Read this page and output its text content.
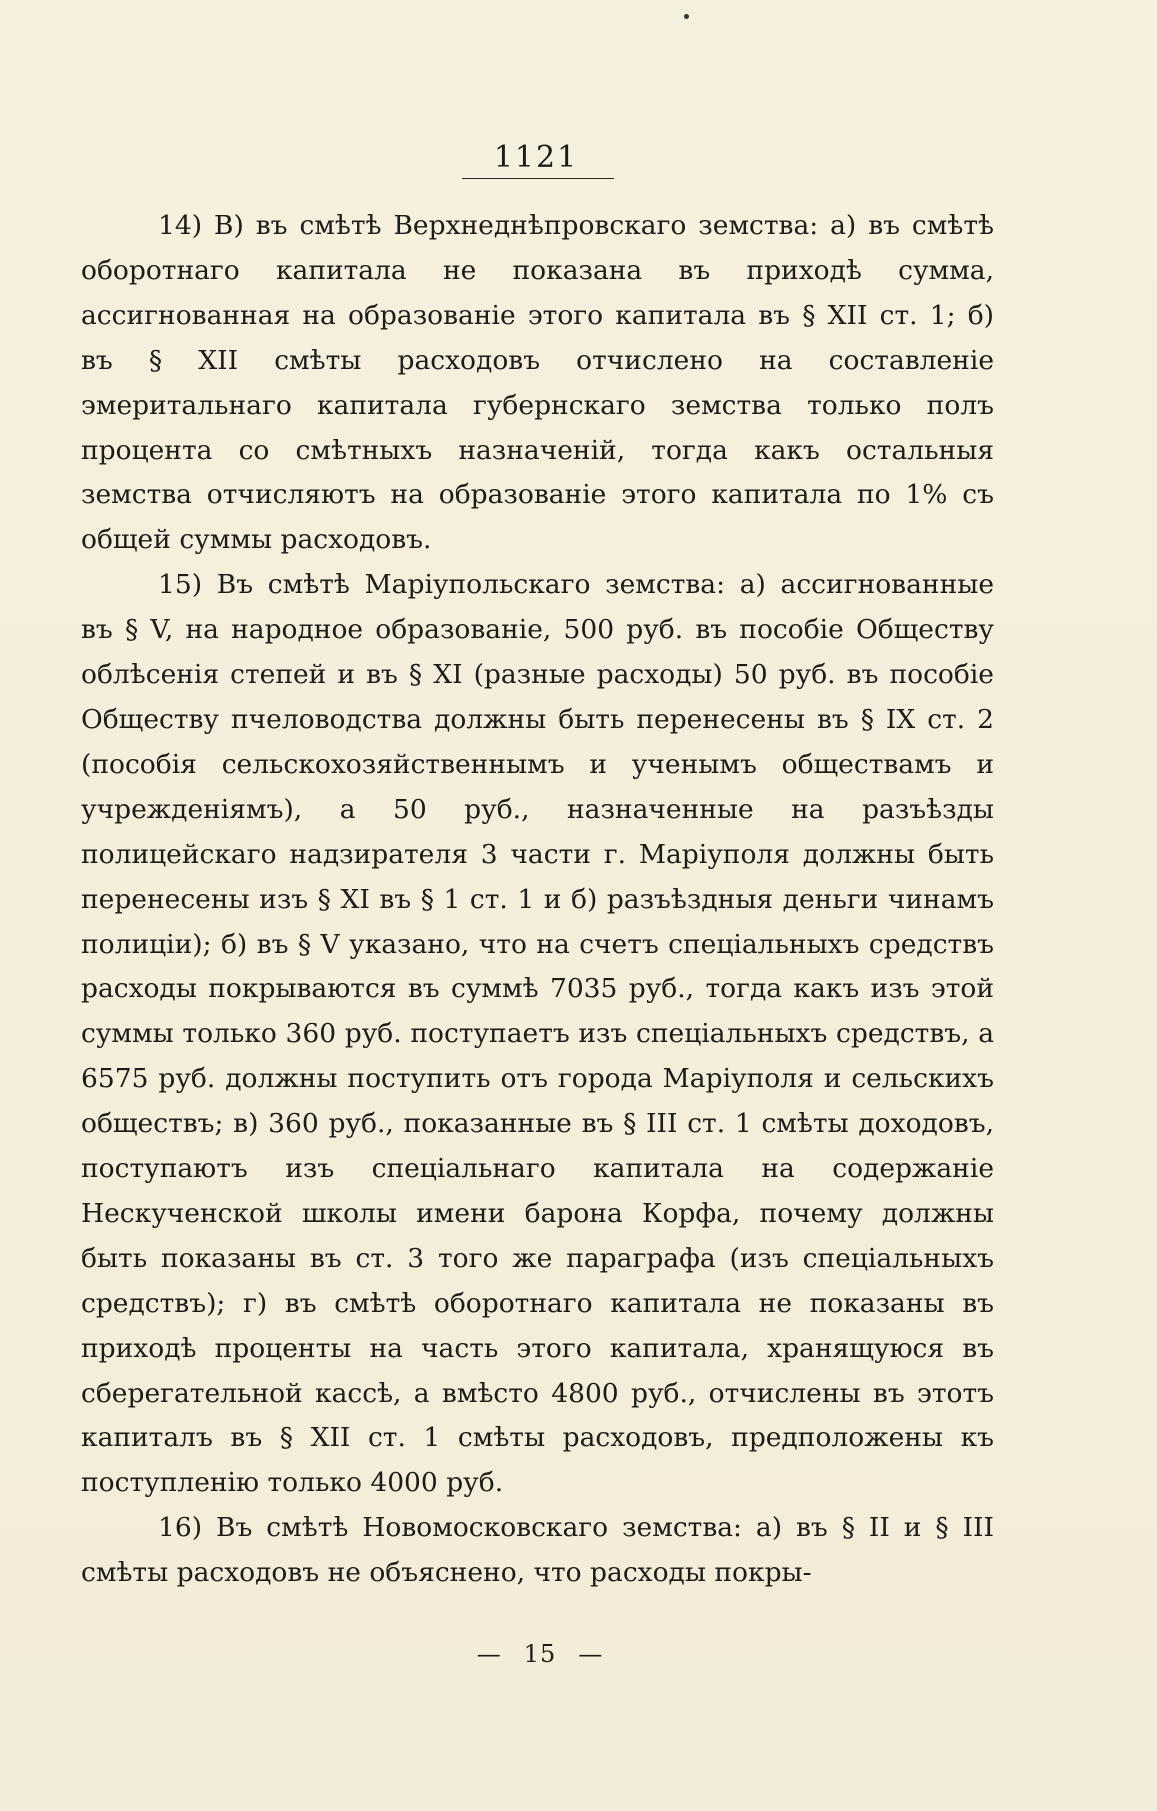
1121

14) В) въ смѣтѣ Верхнеднѣпровскаго земства: а) въ смѣтѣ оборотнаго капитала не показана въ приходѣ сумма, ассигнованная на образованіе этого капитала въ § XII ст. 1; б) въ § XII смѣты расходовъ отчислено на составленіе эмеритальнаго капитала губернскаго земства только полъ процента со смѣтныхъ назначеній, тогда какъ остальныя земства отчисляютъ на образованіе этого капитала по 1% съ общей суммы расходовъ.

15) Въ смѣтѣ Маріупольскаго земства: а) ассигнованные въ § V, на народное образованіе, 500 руб. въ пособіе Обществу облѣсенія степей и въ § XI (разные расходы) 50 руб. въ пособіе Обществу пчеловодства должны быть перенесены въ § IX ст. 2 (пособія сельскохозяйственнымъ и ученымъ обществамъ и учрежденіямъ), а 50 руб., назначенные на разъѣзды полицейскаго надзирателя 3 части г. Маріуполя должны быть перенесены изъ § XI въ § 1 ст. 1 и б) разъѣздныя деньги чинамъ полиціи); б) въ § V указано, что на счетъ спеціальныхъ средствъ расходы покрываются въ суммѣ 7035 руб., тогда какъ изъ этой суммы только 360 руб. поступаетъ изъ спеціальныхъ средствъ, а 6575 руб. должны поступить отъ города Маріуполя и сельскихъ обществъ; в) 360 руб., показанные въ § III ст. 1 смѣты доходовъ, поступаютъ изъ спеціальнаго капитала на содержаніе Нескученской школы имени барона Корфа, почему должны быть показаны въ ст. 3 того же параграфа (изъ спеціальныхъ средствъ); г) въ смѣтѣ оборотнаго капитала не показаны въ приходѣ проценты на часть этого капитала, хранящуюся въ сберегательной кассѣ, а вмѣсто 4800 руб., отчислены въ этотъ капиталъ въ § XII ст. 1 смѣты расходовъ, предположены къ поступленію только 4000 руб.

16) Въ смѣтѣ Новомосковскаго земства: а) въ § II и § III смѣты расходовъ не объяснено, что расходы покры-

— 15 —
